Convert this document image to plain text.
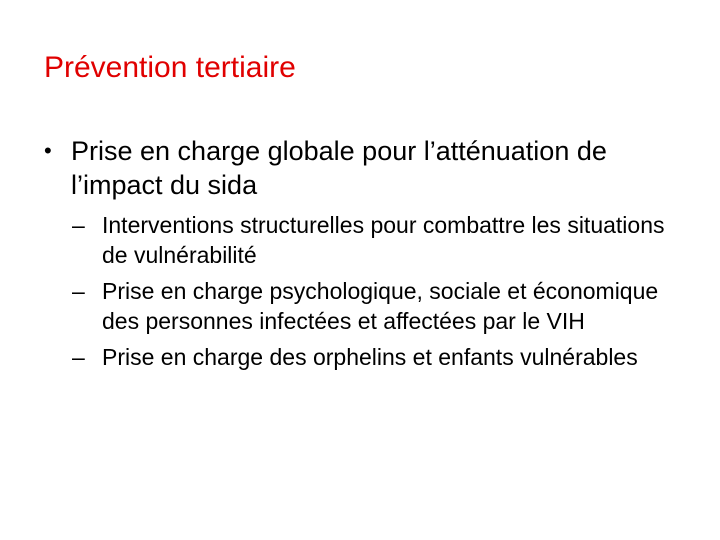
Prévention tertiaire
• Prise en charge globale pour l’atténuation de l’impact du sida
– Interventions structurelles pour combattre les situations de vulnérabilité
– Prise en charge psychologique, sociale et économique des personnes infectées et affectées par le VIH
– Prise en charge des orphelins et enfants vulnérables
